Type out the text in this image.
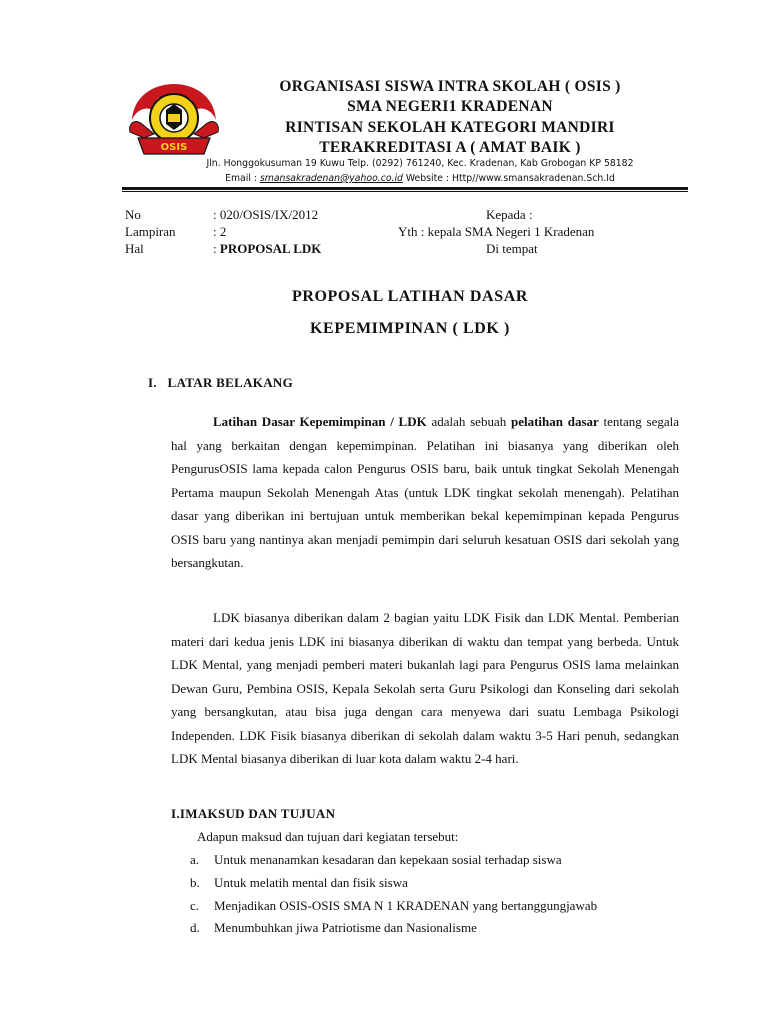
OSIS
ORGANISASI SISWA INTRA SKOLAH ( OSIS )
SMA NEGERI1 KRADENAN
RINTISAN SEKOLAH KATEGORI MANDIRI
TERAKREDITASI A ( AMAT BAIK )
Jln. Honggokusuman 19 Kuwu Telp. (0292) 761240, Kec. Kradenan, Kab Grobogan KP 58182
Email : smansakradenan@yahoo.co.id Website : Http//www.smansakradenan.Sch.Id
No	: 020/OSIS/IX/2012	Kepada :
Lampiran	: 2	Yth : kepala SMA Negeri 1 Kradenan
Hal	: PROPOSAL LDK	Di tempat
PROPOSAL LATIHAN DASAR
KEPEMIMPINAN ( LDK )
I.   LATAR BELAKANG
Latihan Dasar Kepemimpinan / LDK adalah sebuah pelatihan dasar tentang segala hal yang berkaitan dengan kepemimpinan. Pelatihan ini biasanya yang diberikan oleh PengurusOSIS lama kepada calon Pengurus OSIS baru, baik untuk tingkat Sekolah Menengah Pertama maupun Sekolah Menengah Atas (untuk LDK tingkat sekolah menengah). Pelatihan dasar yang diberikan ini bertujuan untuk memberikan bekal kepemimpinan kepada Pengurus OSIS baru yang nantinya akan menjadi pemimpin dari seluruh kesatuan OSIS dari sekolah yang bersangkutan.
LDK biasanya diberikan dalam 2 bagian yaitu LDK Fisik dan LDK Mental. Pemberian materi dari kedua jenis LDK ini biasanya diberikan di waktu dan tempat yang berbeda. Untuk LDK Mental, yang menjadi pemberi materi bukanlah lagi para Pengurus OSIS lama melainkan Dewan Guru, Pembina OSIS, Kepala Sekolah serta Guru Psikologi dan Konseling dari sekolah yang bersangkutan, atau bisa juga dengan cara menyewa dari suatu Lembaga Psikologi Independen. LDK Fisik biasanya diberikan di sekolah dalam waktu 3-5 Hari penuh, sedangkan LDK Mental biasanya diberikan di luar kota dalam waktu 2-4 hari.
I.IMAKSUD DAN TUJUAN
Adapun maksud dan tujuan dari kegiatan tersebut:
a. Untuk menanamkan kesadaran dan kepekaan sosial terhadap siswa
b. Untuk melatih mental dan fisik siswa
c. Menjadikan OSIS-OSIS SMA N 1 KRADENAN yang bertanggungjawab
d. Menumbuhkan jiwa Patriotisme dan Nasionalisme
